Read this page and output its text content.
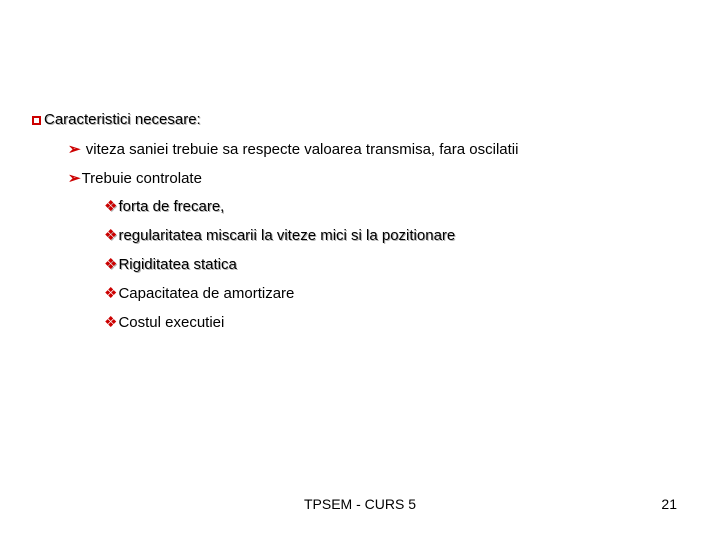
Caracteristici necesare:
➢ viteza saniei trebuie sa respecte valoarea transmisa, fara oscilatii
➢ Trebuie controlate
❖ forta de frecare,
❖ regularitatea miscarii la viteze mici si la pozitionare
❖ Rigiditatea statica
❖ Capacitatea de amortizare
❖ Costul executiei
TPSEM - CURS 5	21
